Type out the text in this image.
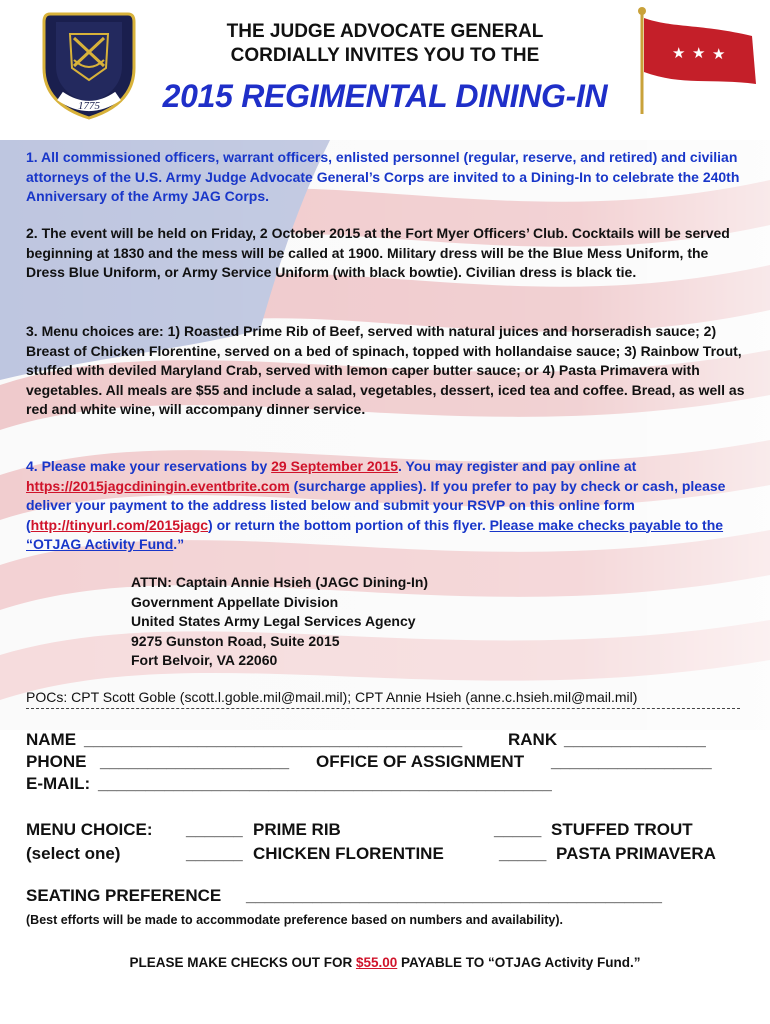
1775
★ ★ ★
THE JUDGE ADVOCATE GENERAL
CORDIALLY INVITES YOU TO THE
2015 REGIMENTAL DINING-IN
1. All commissioned officers, warrant officers, enlisted personnel (regular, reserve, and retired) and civilian attorneys of the U.S. Army Judge Advocate General’s Corps are invited to a Dining-In to celebrate the 240th Anniversary of the Army JAG Corps.
2. The event will be held on Friday, 2 October 2015 at the Fort Myer Officers’ Club. Cocktails will be served beginning at 1830 and the mess will be called at 1900. Military dress will be the Blue Mess Uniform, the Dress Blue Uniform, or Army Service Uniform (with black bowtie). Civilian dress is black tie.
3. Menu choices are: 1) Roasted Prime Rib of Beef, served with natural juices and horseradish sauce; 2) Breast of Chicken Florentine, served on a bed of spinach, topped with hollandaise sauce; 3) Rainbow Trout, stuffed with deviled Maryland Crab, served with lemon caper butter sauce; or 4) Pasta Primavera with vegetables. All meals are $55 and include a salad, vegetables, dessert, iced tea and coffee. Bread, as well as red and white wine, will accompany dinner service.
4. Please make your reservations by 29 September 2015. You may register and pay online at https://2015jagcdiningin.eventbrite.com (surcharge applies). If you prefer to pay by check or cash, please deliver your payment to the address listed below and submit your RSVP on this online form (http://tinyurl.com/2015jagc) or return the bottom portion of this flyer. Please make checks payable to the “OTJAG Activity Fund.”
ATTN: Captain Annie Hsieh (JAGC Dining-In)
Government Appellate Division
United States Army Legal Services Agency
9275 Gunston Road, Suite 2015
Fort Belvoir, VA 22060
POCs: CPT Scott Goble (scott.l.goble.mil@mail.mil); CPT Annie Hsieh (anne.c.hsieh.mil@mail.mil)
NAME ________________________________________	RANK _______________
PHONE ____________________ OFFICE OF ASSIGNMENT _________________
E-MAIL: ________________________________________________
MENU CHOICE: ______ PRIME RIB	_____ STUFFED TROUT
(select one)	______ CHICKEN FLORENTINE	_____ PASTA PRIMAVERA
SEATING PREFERENCE ____________________________________________
(Best efforts will be made to accommodate preference based on numbers and availability).
PLEASE MAKE CHECKS OUT FOR $55.00 PAYABLE TO “OTJAG Activity Fund.”
